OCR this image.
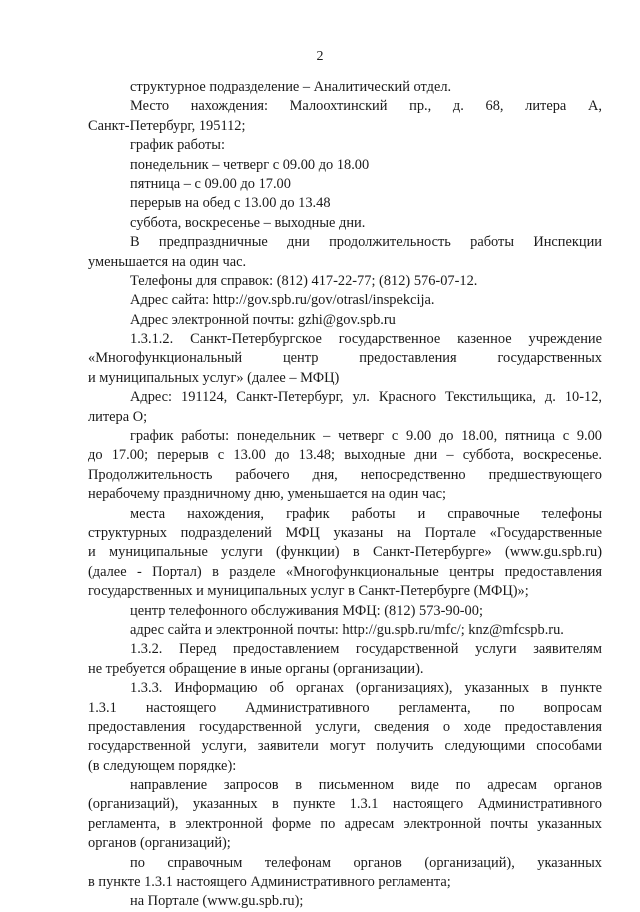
2
структурное подразделение – Аналитический отдел.
Место нахождения: Малоохтинский пр., д. 68, литера А,
Санкт-Петербург, 195112;
график работы:
понедельник – четверг с 09.00 до 18.00
пятница – с 09.00 до 17.00
перерыв на обед с 13.00 до 13.48
суббота, воскресенье – выходные дни.
В предпраздничные дни продолжительность работы Инспекции
уменьшается на один час.
Телефоны для справок: (812) 417-22-77; (812) 576-07-12.
Адрес сайта: http://gov.spb.ru/gov/otrasl/inspekcija.
Адрес электронной почты: gzhi@gov.spb.ru
1.3.1.2. Санкт-Петербургское государственное казенное учреждение
«Многофункциональный центр предоставления государственных
и муниципальных услуг» (далее – МФЦ)
Адрес: 191124, Санкт-Петербург, ул. Красного Текстильщика, д. 10-12,
литера О;
график работы: понедельник – четверг с 9.00 до 18.00, пятница с 9.00
до 17.00; перерыв с 13.00 до 13.48; выходные дни – суббота, воскресенье.
Продолжительность рабочего дня, непосредственно предшествующего
нерабочему праздничному дню, уменьшается на один час;
места нахождения, график работы и справочные телефоны
структурных подразделений МФЦ указаны на Портале «Государственные
и муниципальные услуги (функции) в Санкт-Петербурге» (www.gu.spb.ru)
(далее - Портал) в разделе «Многофункциональные центры предоставления
государственных и муниципальных услуг в Санкт-Петербурге (МФЦ)»;
центр телефонного обслуживания МФЦ: (812) 573-90-00;
адрес сайта и электронной почты: http://gu.spb.ru/mfc/; knz@mfcspb.ru.
1.3.2. Перед предоставлением государственной услуги заявителям
не требуется обращение в иные органы (организации).
1.3.3. Информацию об органах (организациях), указанных в пункте
1.3.1 настоящего Административного регламента, по вопросам
предоставления государственной услуги, сведения о ходе предоставления
государственной услуги, заявители могут получить следующими способами
(в следующем порядке):
направление запросов в письменном виде по адресам органов
(организаций), указанных в пункте 1.3.1 настоящего Административного
регламента, в электронной форме по адресам электронной почты указанных
органов (организаций);
по справочным телефонам органов (организаций), указанных
в пункте 1.3.1 настоящего Административного регламента;
на Портале (www.gu.spb.ru);
